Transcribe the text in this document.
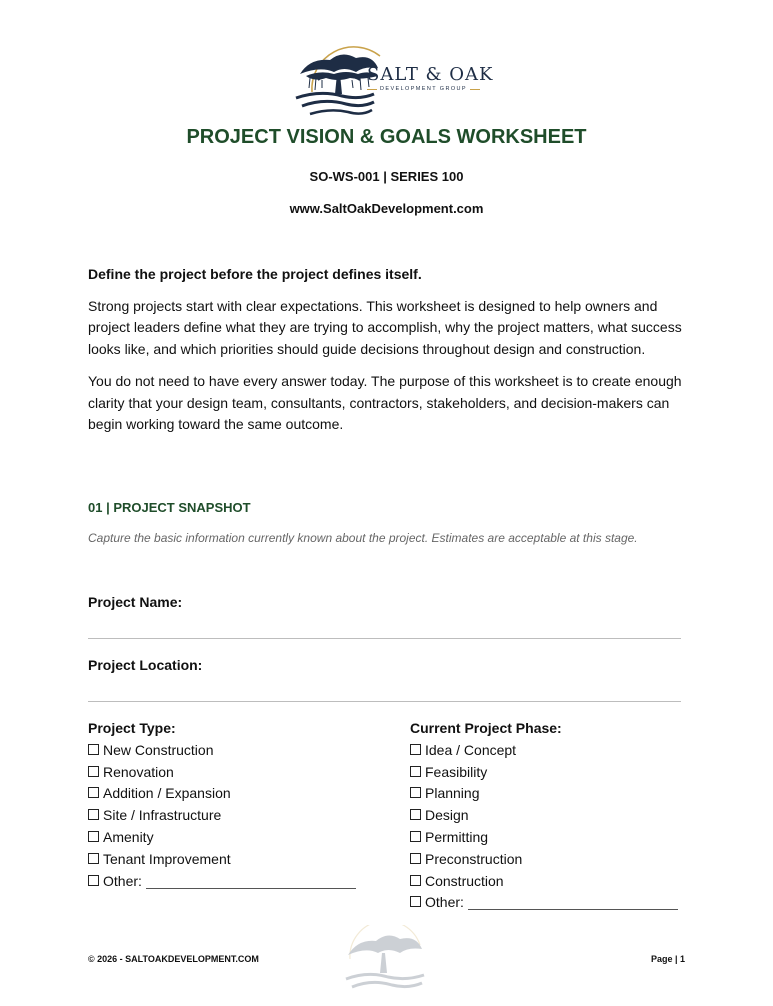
SALT & OAK
DEVELOPMENT GROUP
PROJECT VISION & GOALS WORKSHEET
SO-WS-001 | SERIES 100
www.SaltOakDevelopment.com

Define the project before the project defines itself.

Strong projects start with clear expectations. This worksheet is designed to help owners and project leaders define what they are trying to accomplish, why the project matters, what success looks like, and which priorities should guide decisions throughout design and construction.

You do not need to have every answer today. The purpose of this worksheet is to create enough clarity that your design team, consultants, contractors, stakeholders, and decision-makers can begin working toward the same outcome.

01 | PROJECT SNAPSHOT
Capture the basic information currently known about the project. Estimates are acceptable at this stage.
Project Name:
Project Location:
Project Type:
New Construction
Renovation
Addition / Expansion
Site / Infrastructure
Amenity
Tenant Improvement
Other:
Current Project Phase:
Idea / Concept
Feasibility
Planning
Design
Permitting
Preconstruction
Construction
Other:
© 2026 - SALTOAKDEVELOPMENT.COM	Page | 1
